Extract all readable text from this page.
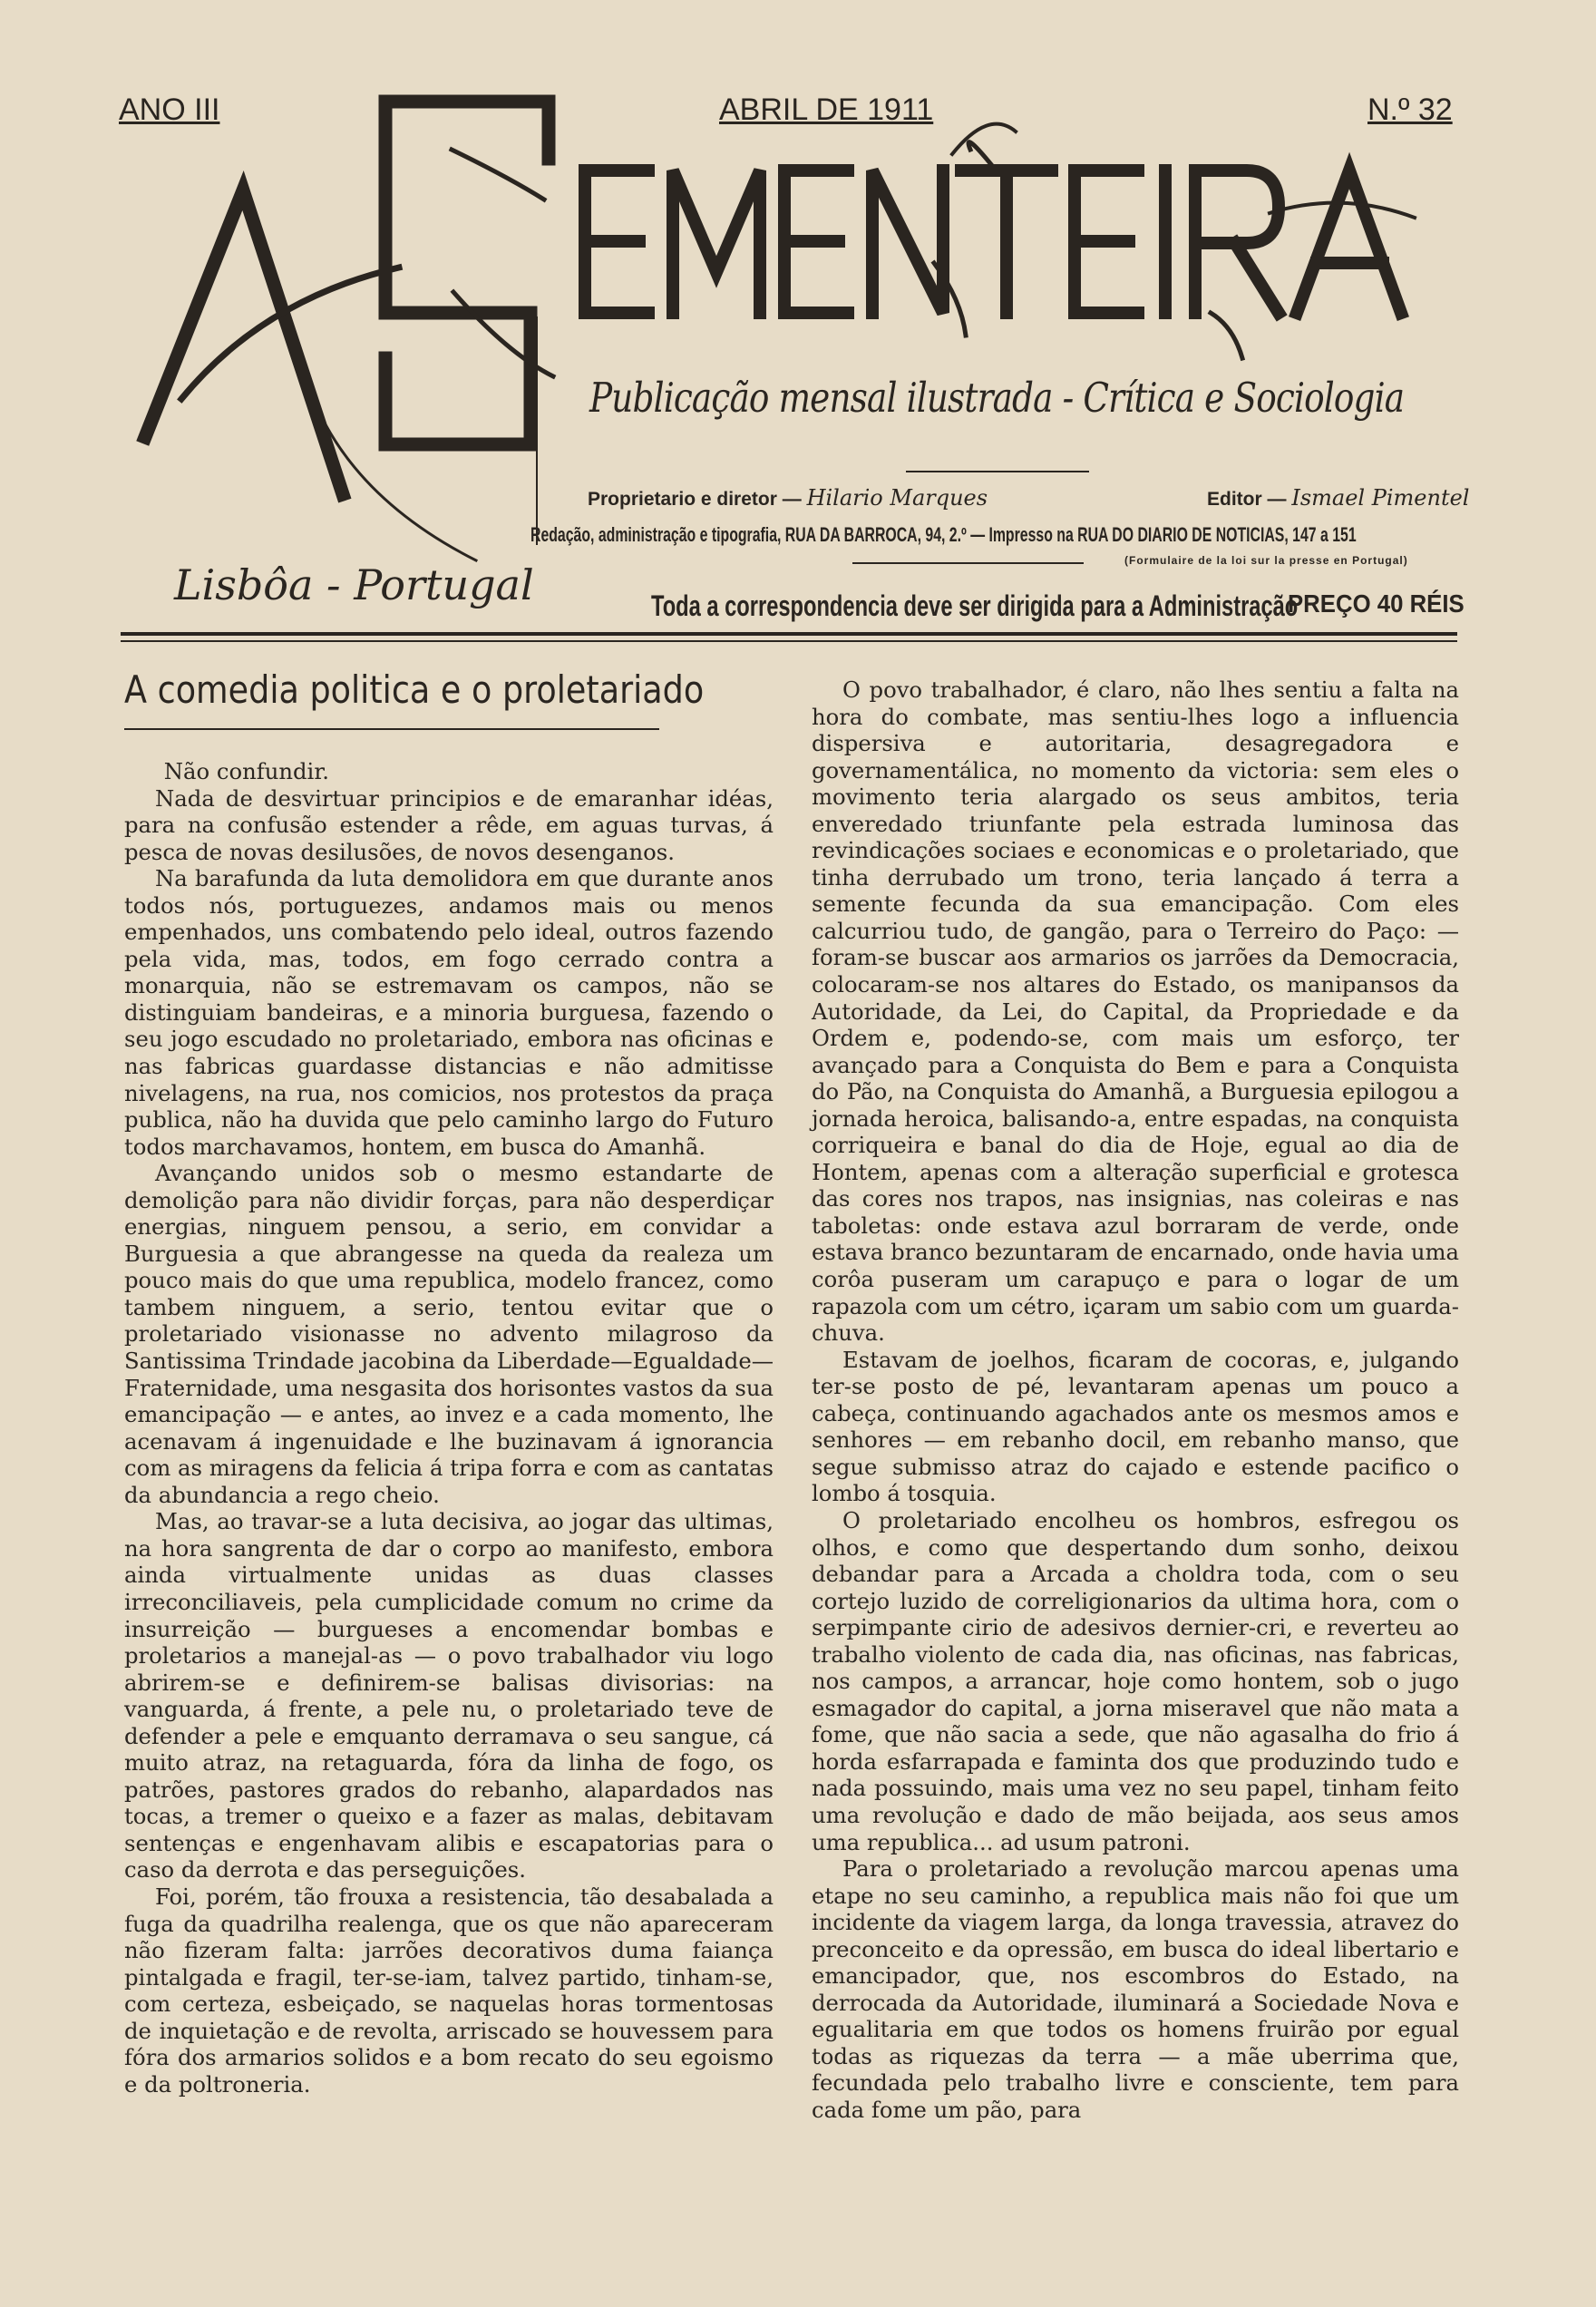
ANO III	ABRIL DE 1911	N.º 32
Publicação mensal ilustrada - Crítica e Sociologia
Lisbôa - Portugal
Proprietario e diretor — Hilario Marques	Editor — Ismael Pimentel
Redação, administração e tipografia, RUA DA BARROCA, 94, 2.º — Impresso na RUA DO DIARIO DE NOTICIAS, 147 a 151
(Formulaire de la loi sur la presse en Portugal)
Toda a correspondencia deve ser dirigida para a Administração
PREÇO 40 RÉIS
A comedia politica e o proletariado

Não confundir.

Nada de desvirtuar principios e de emaranhar idéas, para na confusão estender a rêde, em aguas turvas, á pesca de novas desilusões, de novos desenganos.

Na barafunda da luta demolidora em que durante anos todos nós, portuguezes, andamos mais ou menos empenhados, uns combatendo pelo ideal, outros fazendo pela vida, mas, todos, em fogo cerrado contra a monarquia, não se estremavam os campos, não se distinguiam bandeiras, e a minoria burguesa, fazendo o seu jogo escudado no proletariado, embora nas oficinas e nas fabricas guardasse distancias e não admitisse nivelagens, na rua, nos comicios, nos protestos da praça publica, não ha duvida que pelo caminho largo do Futuro todos marchavamos, hontem, em busca do Amanhã.

Avançando unidos sob o mesmo estandarte de demolição para não dividir forças, para não desperdiçar energias, ninguem pensou, a serio, em convidar a Burguesia a que abrangesse na queda da realeza um pouco mais do que uma republica, modelo francez, como tambem ninguem, a serio, tentou evitar que o proletariado visionasse no advento milagroso da Santissima Trindade jacobina da Liberdade—Egualdade—Fraternidade, uma nesgasita dos horisontes vastos da sua emancipação — e antes, ao invez e a cada momento, lhe acenavam á ingenuidade e lhe buzinavam á ignorancia com as miragens da felicia á tripa forra e com as cantatas da abundancia a rego cheio.

Mas, ao travar-se a luta decisiva, ao jogar das ultimas, na hora sangrenta de dar o corpo ao manifesto, embora ainda virtualmente unidas as duas classes irreconciliaveis, pela cumplicidade comum no crime da insurreição — burgueses a encomendar bombas e proletarios a manejal-as — o povo trabalhador viu logo abrirem-se e definirem-se balisas divisorias: na vanguarda, á frente, a pele nu, o proletariado teve de defender a pele e emquanto derramava o seu sangue, cá muito atraz, na retaguarda, fóra da linha de fogo, os patrões, pastores grados do rebanho, alapardados nas tocas, a tremer o queixo e a fazer as malas, debitavam sentenças e engenhavam alibis e escapatorias para o caso da derrota e das perseguições.

Foi, porém, tão frouxa a resistencia, tão desabalada a fuga da quadrilha realenga, que os que não apareceram não fizeram falta: jarrões decorativos duma faiança pintalgada e fragil, ter-se-iam, talvez partido, tinham-se, com certeza, esbeiçado, se naquelas horas tormentosas de inquietação e de revolta, arriscado se houvessem para fóra dos armarios solidos e a bom recato do seu egoismo e da poltroneria.

O povo trabalhador, é claro, não lhes sentiu a falta na hora do combate, mas sentiu-lhes logo a influencia dispersiva e autoritaria, desagregadora e governamentálica, no momento da victoria: sem eles o movimento teria alargado os seus ambitos, teria enveredado triunfante pela estrada luminosa das revindicações sociaes e economicas e o proletariado, que tinha derrubado um trono, teria lançado á terra a semente fecunda da sua emancipação. Com eles calcurriou tudo, de gangão, para o Terreiro do Paço: — foram-se buscar aos armarios os jarrões da Democracia, colocaram-se nos altares do Estado, os manipansos da Autoridade, da Lei, do Capital, da Propriedade e da Ordem e, podendo-se, com mais um esforço, ter avançado para a Conquista do Bem e para a Conquista do Pão, na Conquista do Amanhã, a Burguesia epilogou a jornada heroica, balisando-a, entre espadas, na conquista corriqueira e banal do dia de Hoje, egual ao dia de Hontem, apenas com a alteração superficial e grotesca das cores nos trapos, nas insignias, nas coleiras e nas taboletas: onde estava azul borraram de verde, onde estava branco bezuntaram de encarnado, onde havia uma corôa puseram um carapuço e para o logar de um rapazola com um cétro, içaram um sabio com um guarda-chuva.

Estavam de joelhos, ficaram de cocoras, e, julgando ter-se posto de pé, levantaram apenas um pouco a cabeça, continuando agachados ante os mesmos amos e senhores — em rebanho docil, em rebanho manso, que segue submisso atraz do cajado e estende pacifico o lombo á tosquia.

O proletariado encolheu os hombros, esfregou os olhos, e como que despertando dum sonho, deixou debandar para a Arcada a choldra toda, com o seu cortejo luzido de correligionarios da ultima hora, com o serpimpante cirio de adesivos dernier-cri, e reverteu ao trabalho violento de cada dia, nas oficinas, nas fabricas, nos campos, a arrancar, hoje como hontem, sob o jugo esmagador do capital, a jorna miseravel que não mata a fome, que não sacia a sede, que não agasalha do frio á horda esfarrapada e faminta dos que produzindo tudo e nada possuindo, mais uma vez no seu papel, tinham feito uma revolução e dado de mão beijada, aos seus amos uma republica... ad usum patroni.

Para o proletariado a revolução marcou apenas uma etape no seu caminho, a republica mais não foi que um incidente da viagem larga, da longa travessia, atravez do preconceito e da opressão, em busca do ideal libertario e emancipador, que, nos escombros do Estado, na derrocada da Autoridade, iluminará a Sociedade Nova e egualitaria em que todos os homens fruirão por egual todas as riquezas da terra — a mãe uberrima que, fecundada pelo trabalho livre e consciente, tem para cada fome um pão, para
